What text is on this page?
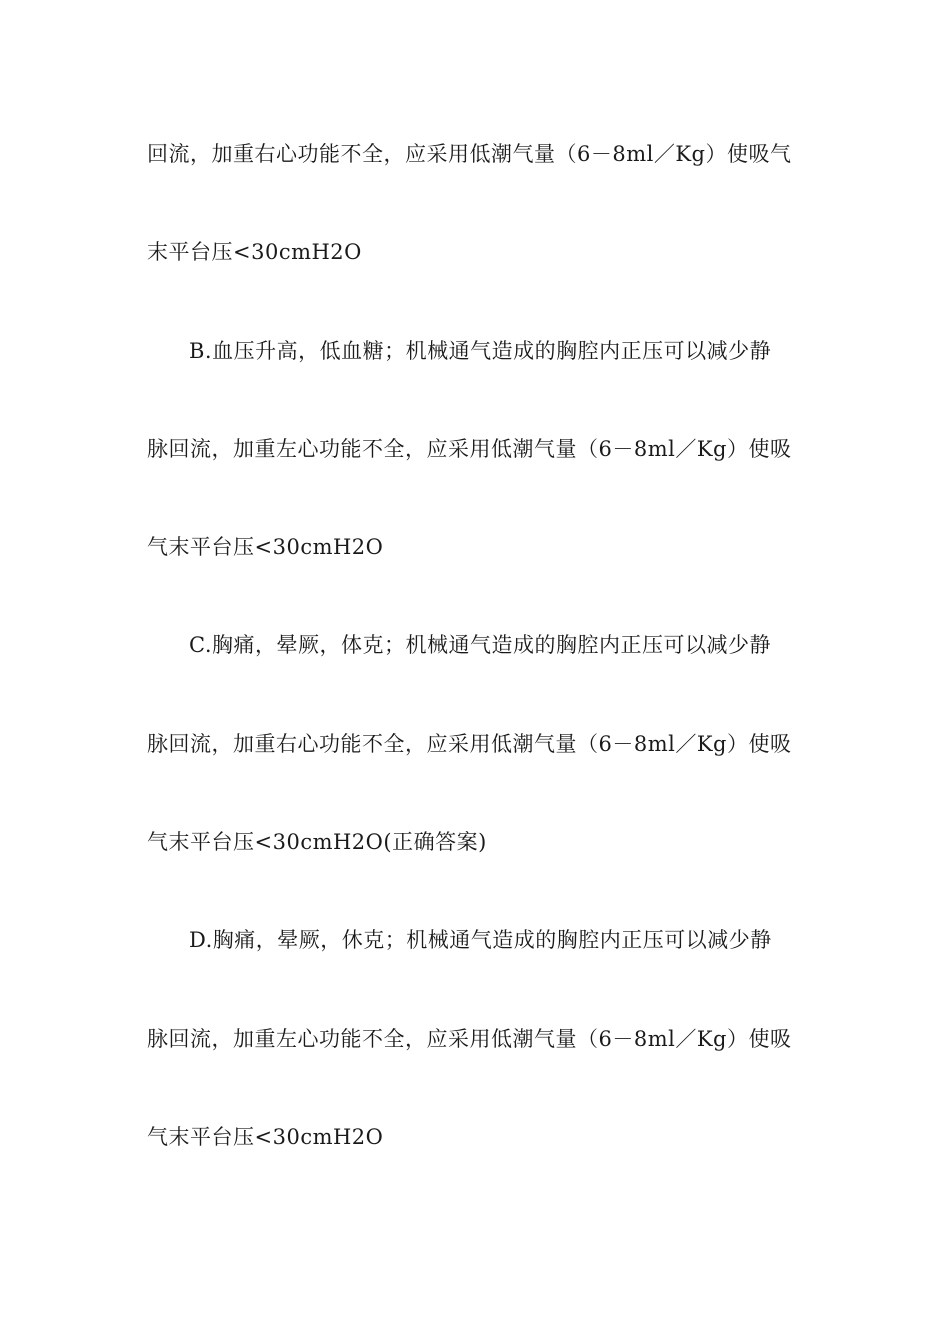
回流，加重右心功能不全，应采用低潮气量（6－8ml／Kg）使吸气
末平台压<30cmH2O
B.血压升高，低血糖；机械通气造成的胸腔内正压可以减少静
脉回流，加重左心功能不全，应采用低潮气量（6－8ml／Kg）使吸
气末平台压<30cmH2O
C.胸痛，晕厥，体克；机械通气造成的胸腔内正压可以减少静
脉回流，加重右心功能不全，应采用低潮气量（6－8ml／Kg）使吸
气末平台压<30cmH2O(正确答案)
D.胸痛，晕厥，休克；机械通气造成的胸腔内正压可以减少静
脉回流，加重左心功能不全，应采用低潮气量（6－8ml／Kg）使吸
气末平台压<30cmH2O
